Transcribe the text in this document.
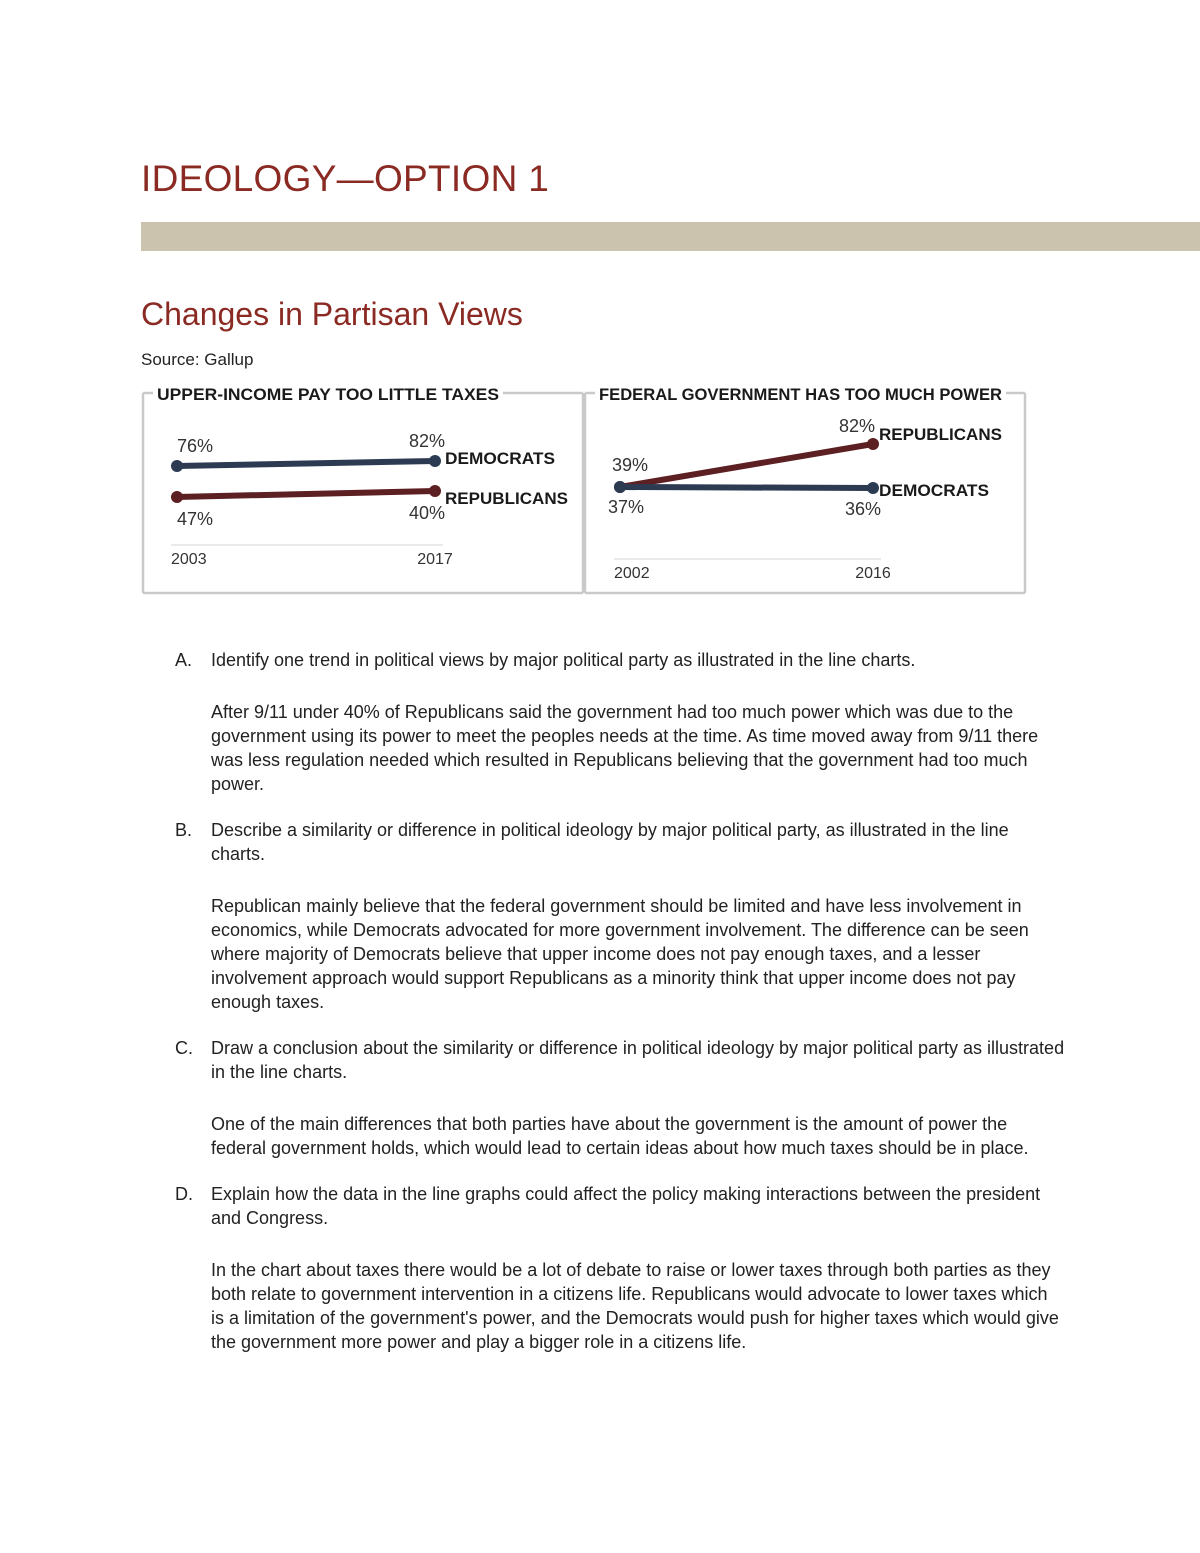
IDEOLOGY—OPTION 1
Changes in Partisan Views
Source: Gallup
UPPER-INCOME PAY TOO LITTLE TAXES
2003	2017
76%	82%
DEMOCRATS
47%	40%
REPUBLICANS
FEDERAL GOVERNMENT HAS TOO MUCH POWER
2002	2016
39%
82% REPUBLICANS
37%	36%
DEMOCRATS
A. Identify one trend in political views by major political party as illustrated in the line charts.

After 9/11 under 40% of Republicans said the government had too much power which was due to the government using its power to meet the peoples needs at the time. As time moved away from 9/11 there was less regulation needed which resulted in Republicans believing that the government had too much power.

B. Describe a similarity or difference in political ideology by major political party, as illustrated in the line charts.

Republican mainly believe that the federal government should be limited and have less involvement in economics, while Democrats advocated for more government involvement. The difference can be seen where majority of Democrats believe that upper income does not pay enough taxes, and a lesser involvement approach would support Republicans as a minority think that upper income does not pay enough taxes.

C. Draw a conclusion about the similarity or difference in political ideology by major political party as illustrated in the line charts.

One of the main differences that both parties have about the government is the amount of power the federal government holds, which would lead to certain ideas about how much taxes should be in place.

D. Explain how the data in the line graphs could affect the policy making interactions between the president and Congress.

In the chart about taxes there would be a lot of debate to raise or lower taxes through both parties as they both relate to government intervention in a citizens life. Republicans would advocate to lower taxes which is a limitation of the government's power, and the Democrats would push for higher taxes which would give the government more power and play a bigger role in a citizens life.
